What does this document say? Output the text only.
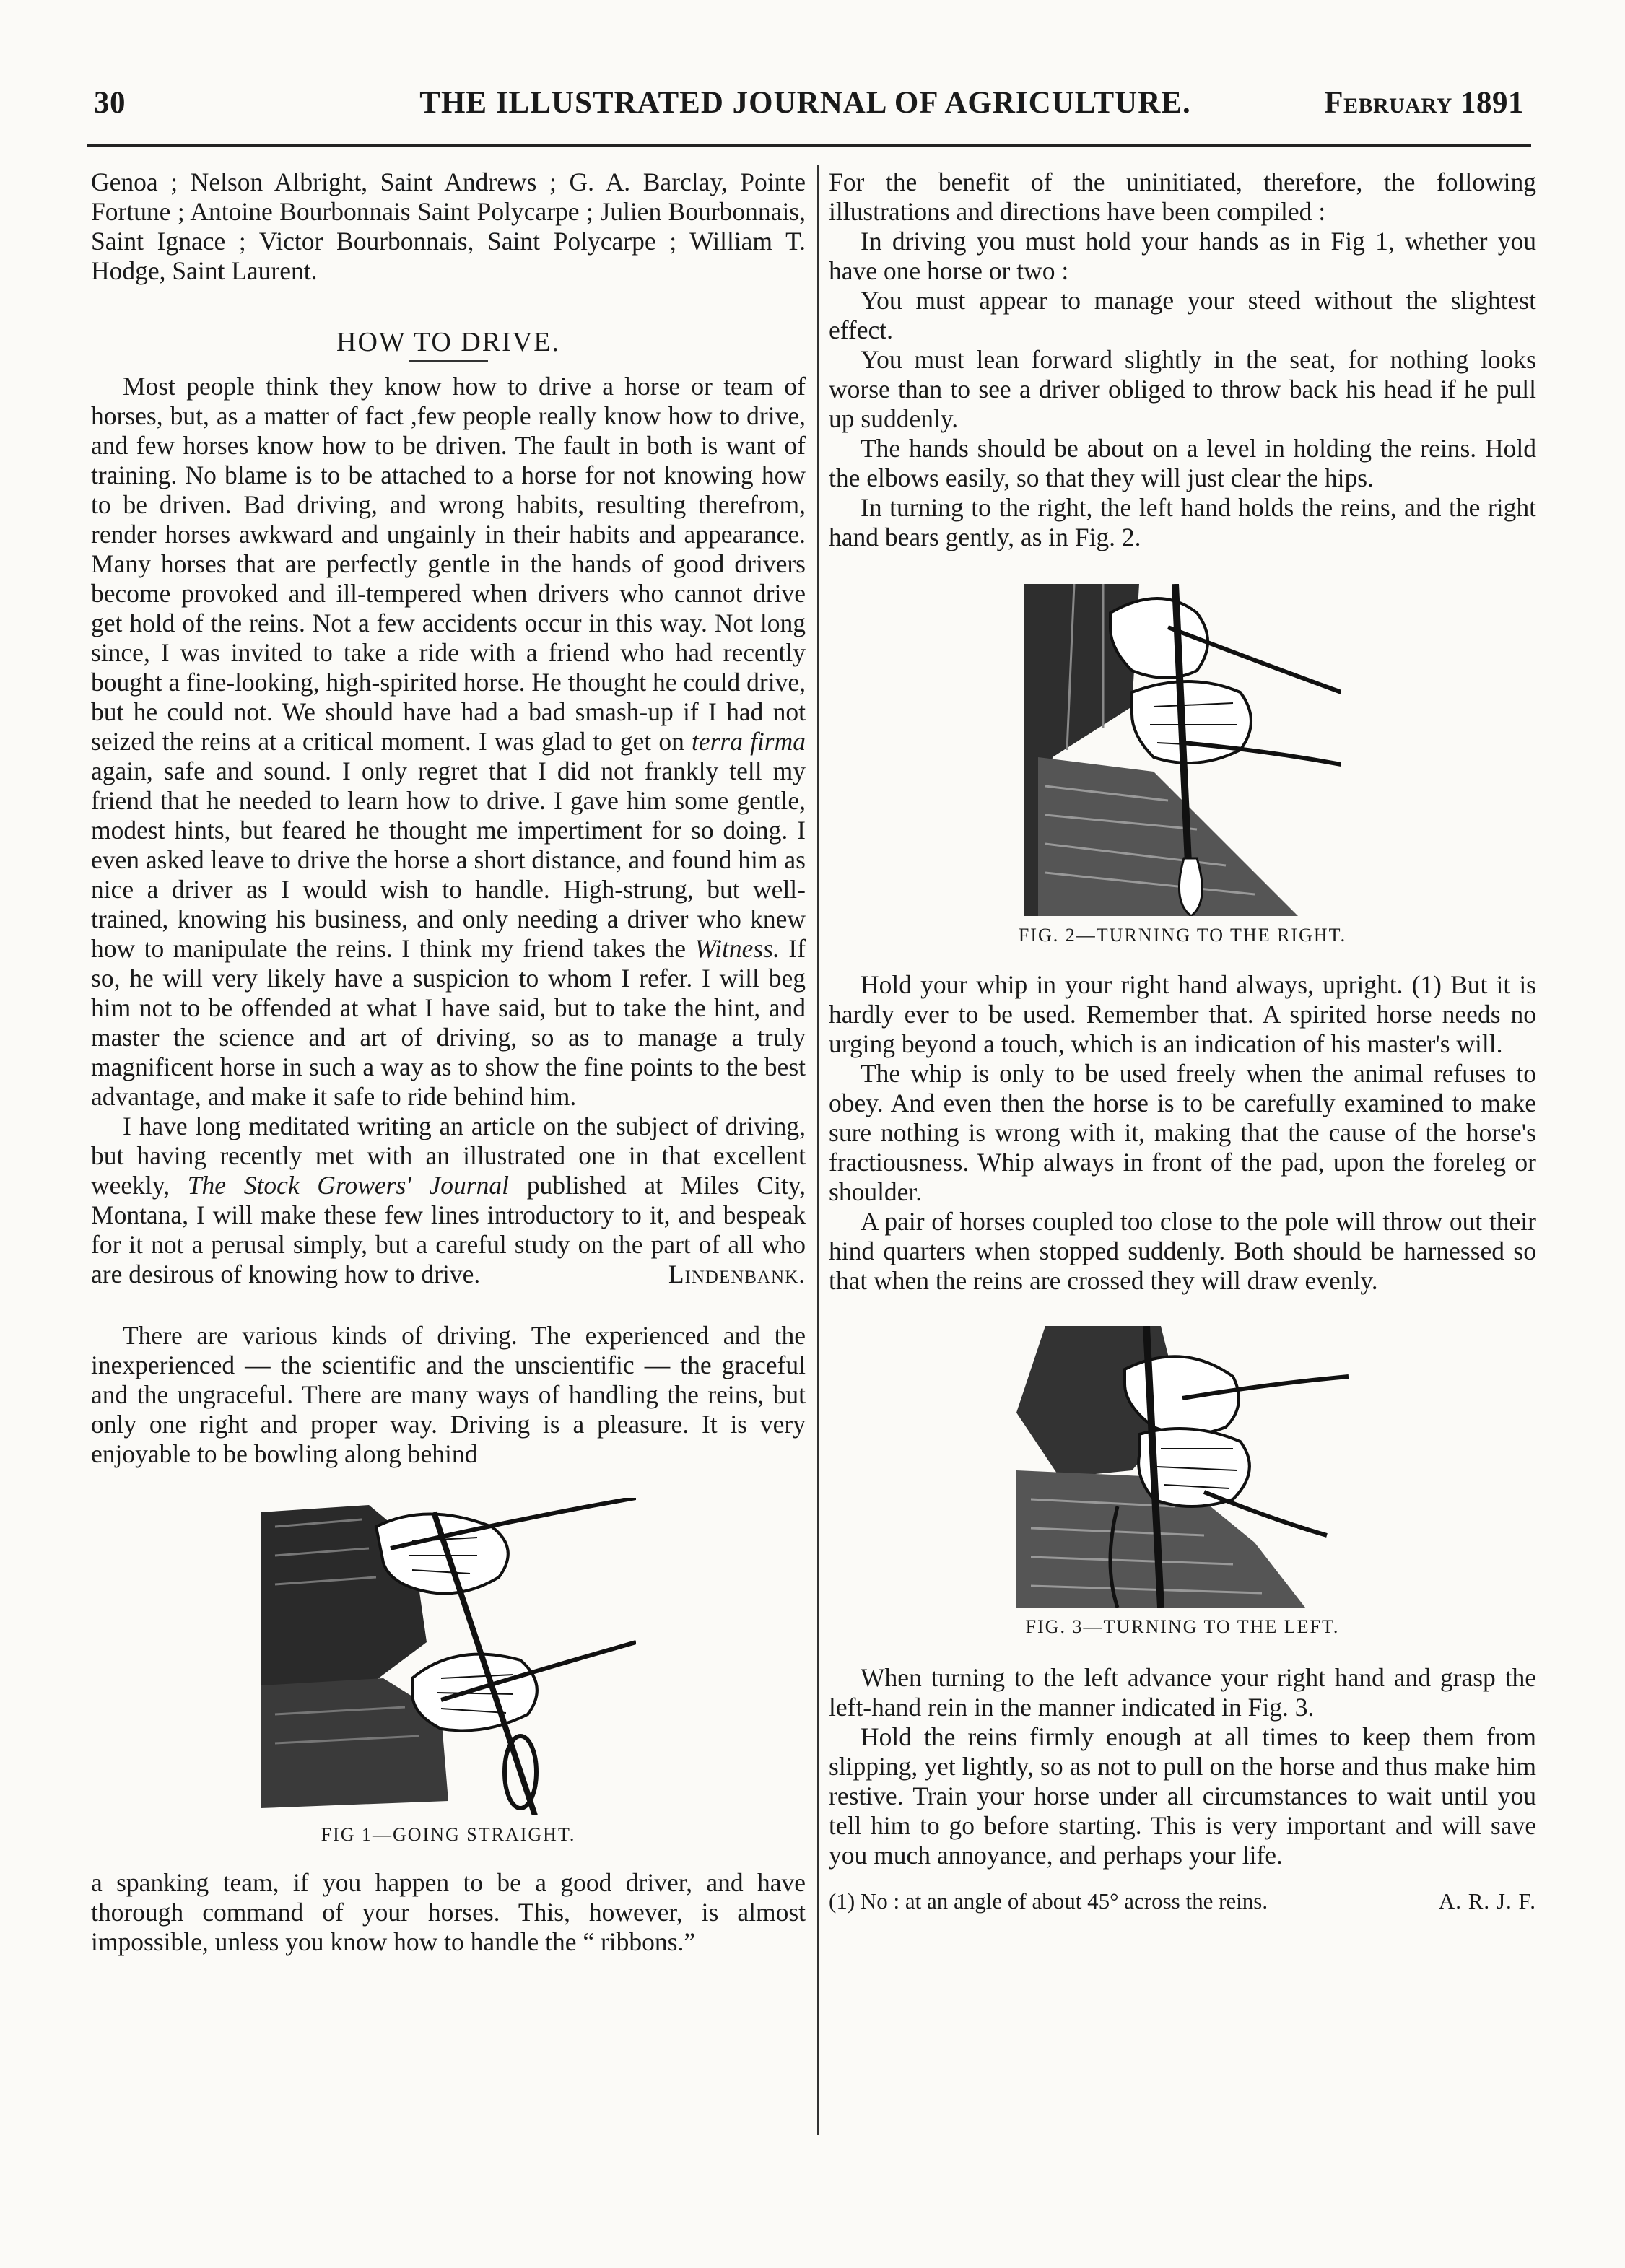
30	THE ILLUSTRATED JOURNAL OF AGRICULTURE.	February 1891

Genoa ; Nelson Albright, Saint Andrews ; G. A. Barclay, Pointe Fortune ; Antoine Bourbonnais Saint Polycarpe ; Julien Bourbonnais, Saint Ignace ; Victor Bourbonnais, Saint Polycarpe ; William T. Hodge, Saint Laurent.

HOW TO DRIVE.

Most people think they know how to drive a horse or team of horses, but, as a matter of fact ,few people really know how to drive, and few horses know how to be driven. The fault in both is want of training. No blame is to be attached to a horse for not knowing how to be driven. Bad driving, and wrong habits, resulting therefrom, render horses awkward and ungainly in their habits and appearance. Many horses that are perfectly gentle in the hands of good drivers become provoked and ill-tempered when drivers who cannot drive get hold of the reins. Not a few accidents occur in this way. Not long since, I was invited to take a ride with a friend who had recently bought a fine-looking, high-spirited horse. He thought he could drive, but he could not. We should have had a bad smash-up if I had not seized the reins at a critical moment. I was glad to get on terra firma again, safe and sound. I only regret that I did not frankly tell my friend that he needed to learn how to drive. I gave him some gentle, modest hints, but feared he thought me impertiment for so doing. I even asked leave to drive the horse a short distance, and found him as nice a driver as I would wish to handle. High-strung, but well-trained, knowing his business, and only needing a driver who knew how to manipulate the reins. I think my friend takes the Witness. If so, he will very likely have a suspicion to whom I refer. I will beg him not to be offended at what I have said, but to take the hint, and master the science and art of driving, so as to manage a truly magnificent horse in such a way as to show the fine points to the best advantage, and make it safe to ride behind him.

I have long meditated writing an article on the subject of driving, but having recently met with an illustrated one in that excellent weekly, The Stock Growers' Journal published at Miles City, Montana, I will make these few lines introductory to it, and bespeak for it not a perusal simply, but a careful study on the part of all who are desirous of knowing how to drive.	Lindenbank.

There are various kinds of driving. The experienced and the inexperienced — the scientific and the unscientific — the graceful and the ungraceful. There are many ways of handling the reins, but only one right and proper way. Driving is a pleasure. It is very enjoyable to be bowling along behind

FIG 1—GOING STRAIGHT.

a spanking team, if you happen to be a good driver, and have thorough command of your horses. This, however, is almost impossible, unless you know how to handle the “ ribbons.”

For the benefit of the uninitiated, therefore, the following illustrations and directions have been compiled :

In driving you must hold your hands as in Fig 1, whether you have one horse or two :

You must appear to manage your steed without the slightest effect.

You must lean forward slightly in the seat, for nothing looks worse than to see a driver obliged to throw back his head if he pull up suddenly.

The hands should be about on a level in holding the reins. Hold the elbows easily, so that they will just clear the hips.

In turning to the right, the left hand holds the reins, and the right hand bears gently, as in Fig. 2.

FIG. 2—TURNING TO THE RIGHT.

Hold your whip in your right hand always, upright. (1) But it is hardly ever to be used. Remember that. A spirited horse needs no urging beyond a touch, which is an indication of his master's will.

The whip is only to be used freely when the animal refuses to obey. And even then the horse is to be carefully examined to make sure nothing is wrong with it, making that the cause of the horse's fractiousness. Whip always in front of the pad, upon the foreleg or shoulder.

A pair of horses coupled too close to the pole will throw out their hind quarters when stopped suddenly. Both should be harnessed so that when the reins are crossed they will draw evenly.

FIG. 3—TURNING TO THE LEFT.

When turning to the left advance your right hand and grasp the left-hand rein in the manner indicated in Fig. 3.

Hold the reins firmly enough at all times to keep them from slipping, yet lightly, so as not to pull on the horse and thus make him restive. Train your horse under all circumstances to wait until you tell him to go before starting. This is very important and will save you much annoyance, and perhaps your life.

(1) No : at an angle of about 45° across the reins.	A. R. J. F.
